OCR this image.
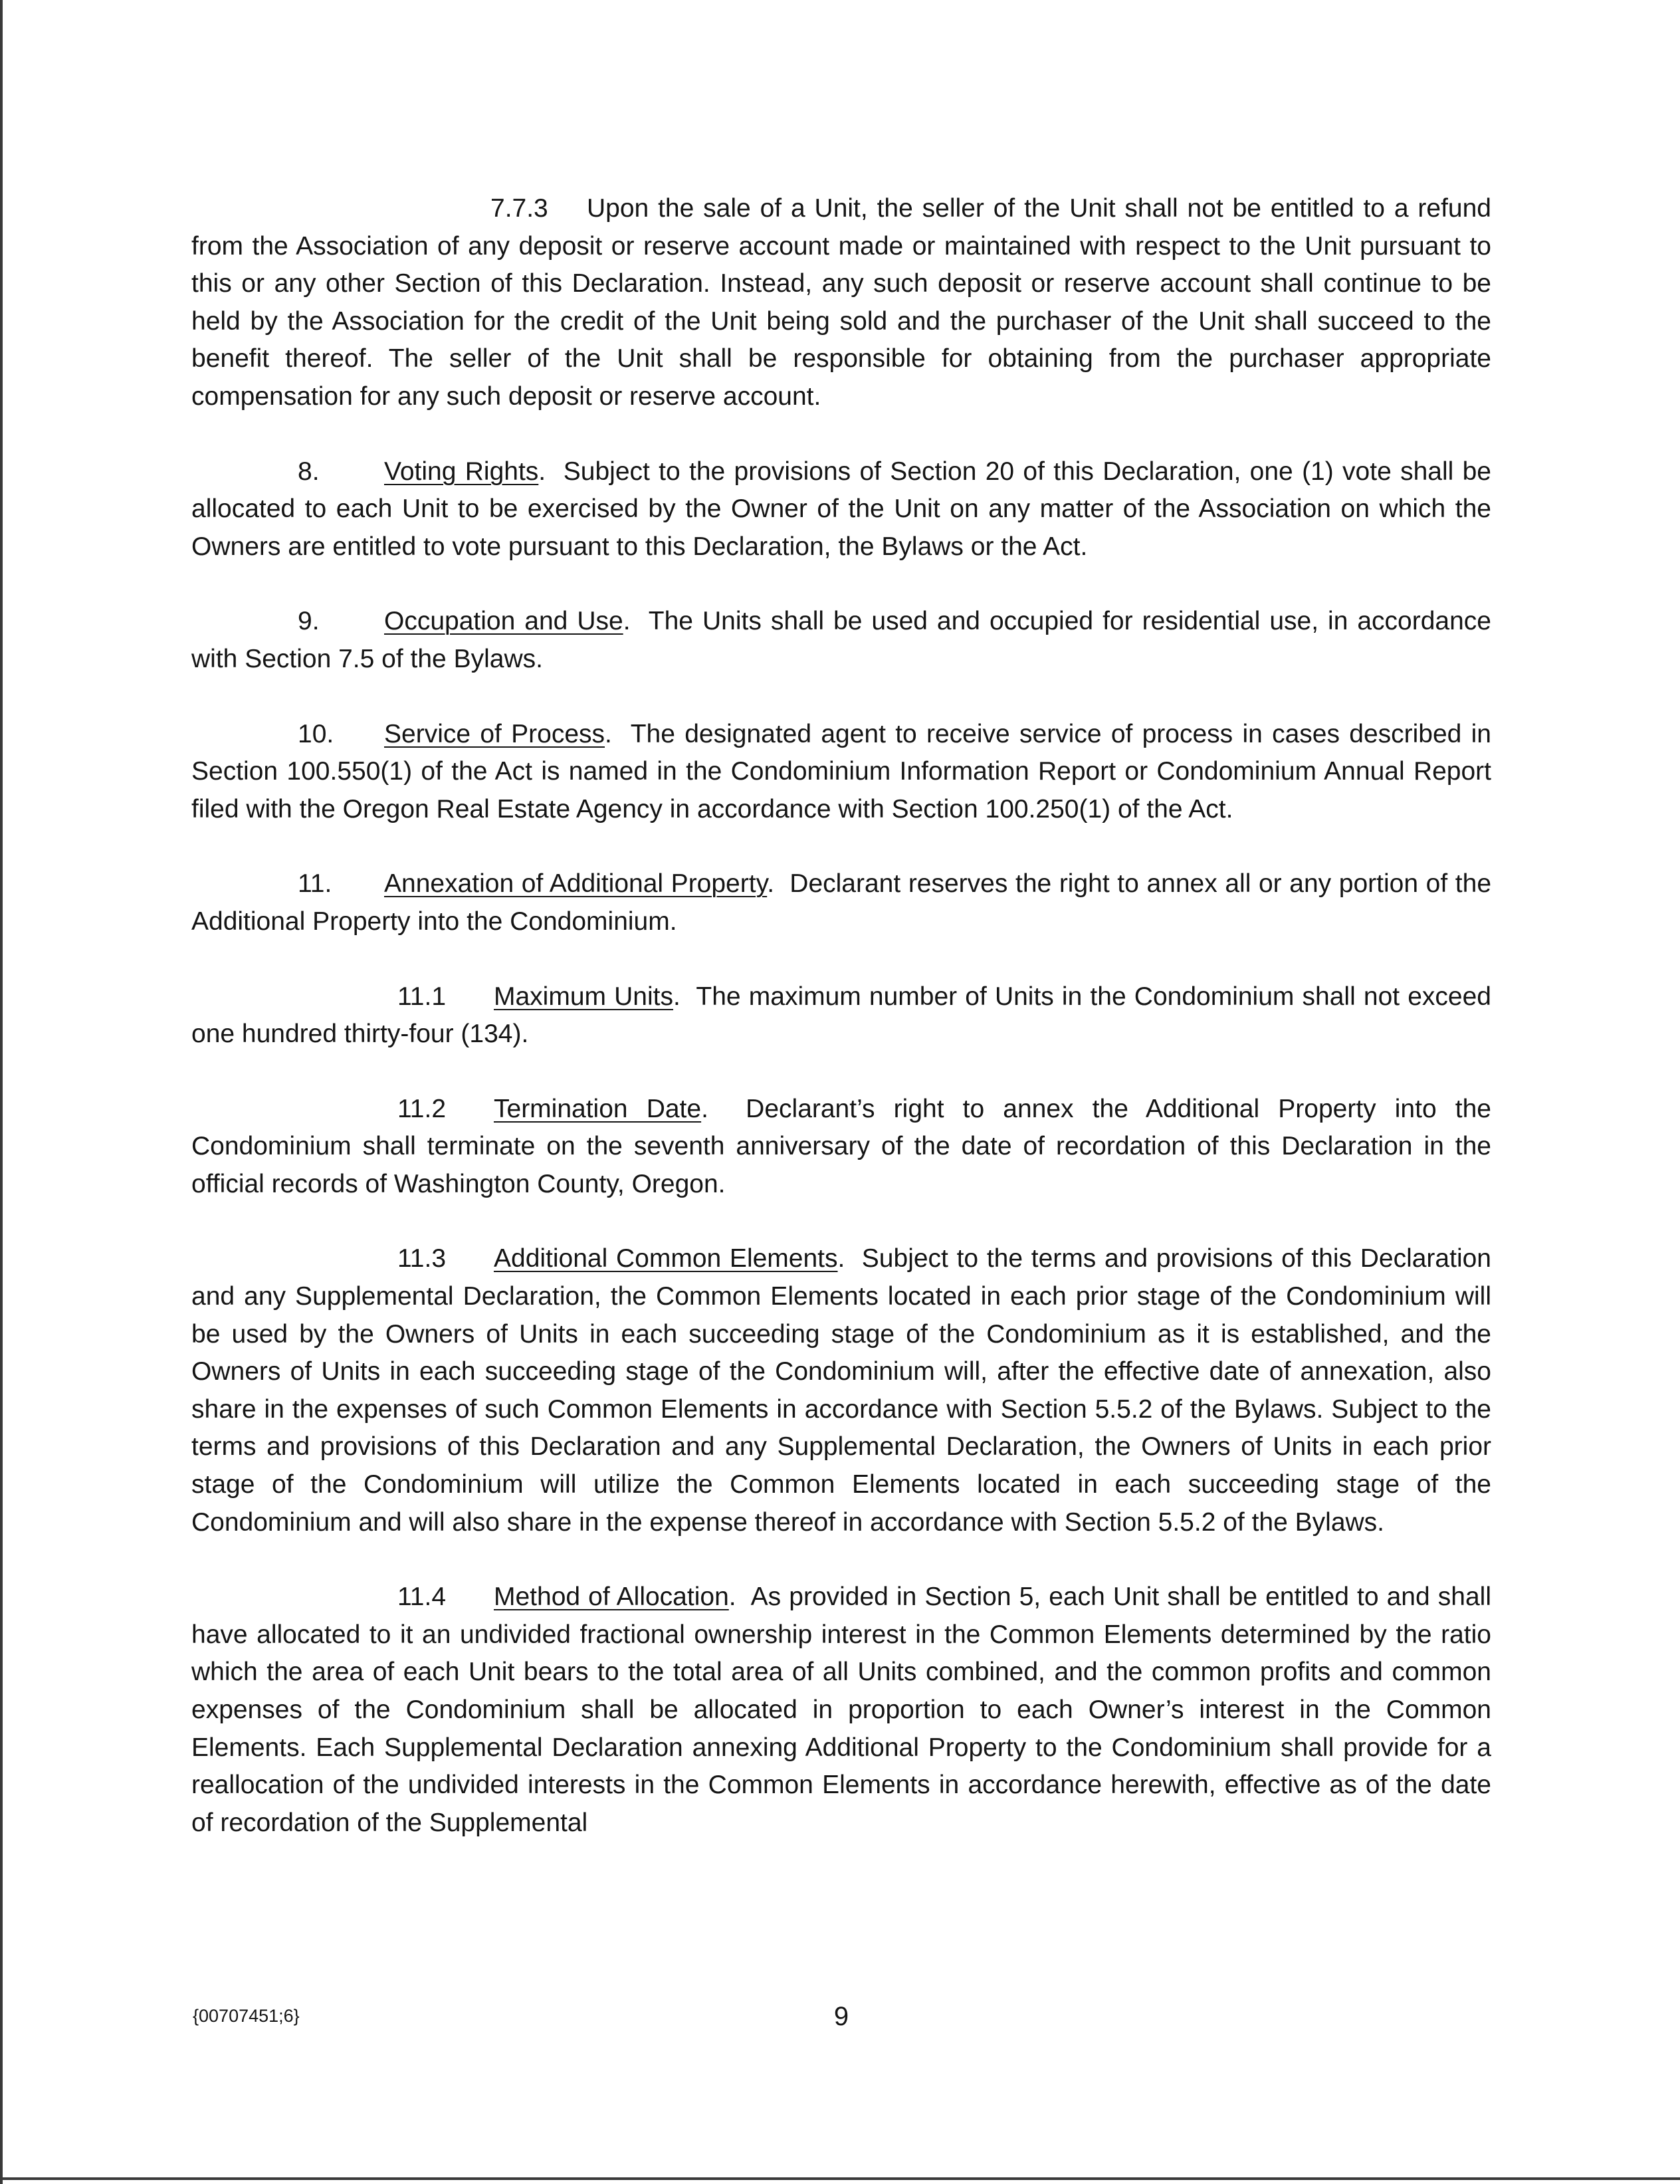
7.7.3 Upon the sale of a Unit, the seller of the Unit shall not be entitled to a refund from the Association of any deposit or reserve account made or maintained with respect to the Unit pursuant to this or any other Section of this Declaration. Instead, any such deposit or reserve account shall continue to be held by the Association for the credit of the Unit being sold and the purchaser of the Unit shall succeed to the benefit thereof. The seller of the Unit shall be responsible for obtaining from the purchaser appropriate compensation for any such deposit or reserve account.

8. Voting Rights.  Subject to the provisions of Section 20 of this Declaration, one (1) vote shall be allocated to each Unit to be exercised by the Owner of the Unit on any matter of the Association on which the Owners are entitled to vote pursuant to this Declaration, the Bylaws or the Act.

9. Occupation and Use.  The Units shall be used and occupied for residential use, in accordance with Section 7.5 of the Bylaws.

10. Service of Process.  The designated agent to receive service of process in cases described in Section 100.550(1) of the Act is named in the Condominium Information Report or Condominium Annual Report filed with the Oregon Real Estate Agency in accordance with Section 100.250(1) of the Act.

11. Annexation of Additional Property.  Declarant reserves the right to annex all or any portion of the Additional Property into the Condominium.

11.1 Maximum Units.  The maximum number of Units in the Condominium shall not exceed one hundred thirty-four (134).

11.2 Termination Date.  Declarant’s right to annex the Additional Property into the Condominium shall terminate on the seventh anniversary of the date of recordation of this Declaration in the official records of Washington County, Oregon.

11.3 Additional Common Elements.  Subject to the terms and provisions of this Declaration and any Supplemental Declaration, the Common Elements located in each prior stage of the Condominium will be used by the Owners of Units in each succeeding stage of the Condominium as it is established, and the Owners of Units in each succeeding stage of the Condominium will, after the effective date of annexation, also share in the expenses of such Common Elements in accordance with Section 5.5.2 of the Bylaws. Subject to the terms and provisions of this Declaration and any Supplemental Declaration, the Owners of Units in each prior stage of the Condominium will utilize the Common Elements located in each succeeding stage of the Condominium and will also share in the expense thereof in accordance with Section 5.5.2 of the Bylaws.

11.4 Method of Allocation.  As provided in Section 5, each Unit shall be entitled to and shall have allocated to it an undivided fractional ownership interest in the Common Elements determined by the ratio which the area of each Unit bears to the total area of all Units combined, and the common profits and common expenses of the Condominium shall be allocated in proportion to each Owner’s interest in the Common Elements. Each Supplemental Declaration annexing Additional Property to the Condominium shall provide for a reallocation of the undivided interests in the Common Elements in accordance herewith, effective as of the date of recordation of the Supplemental

{00707451;6}	9
